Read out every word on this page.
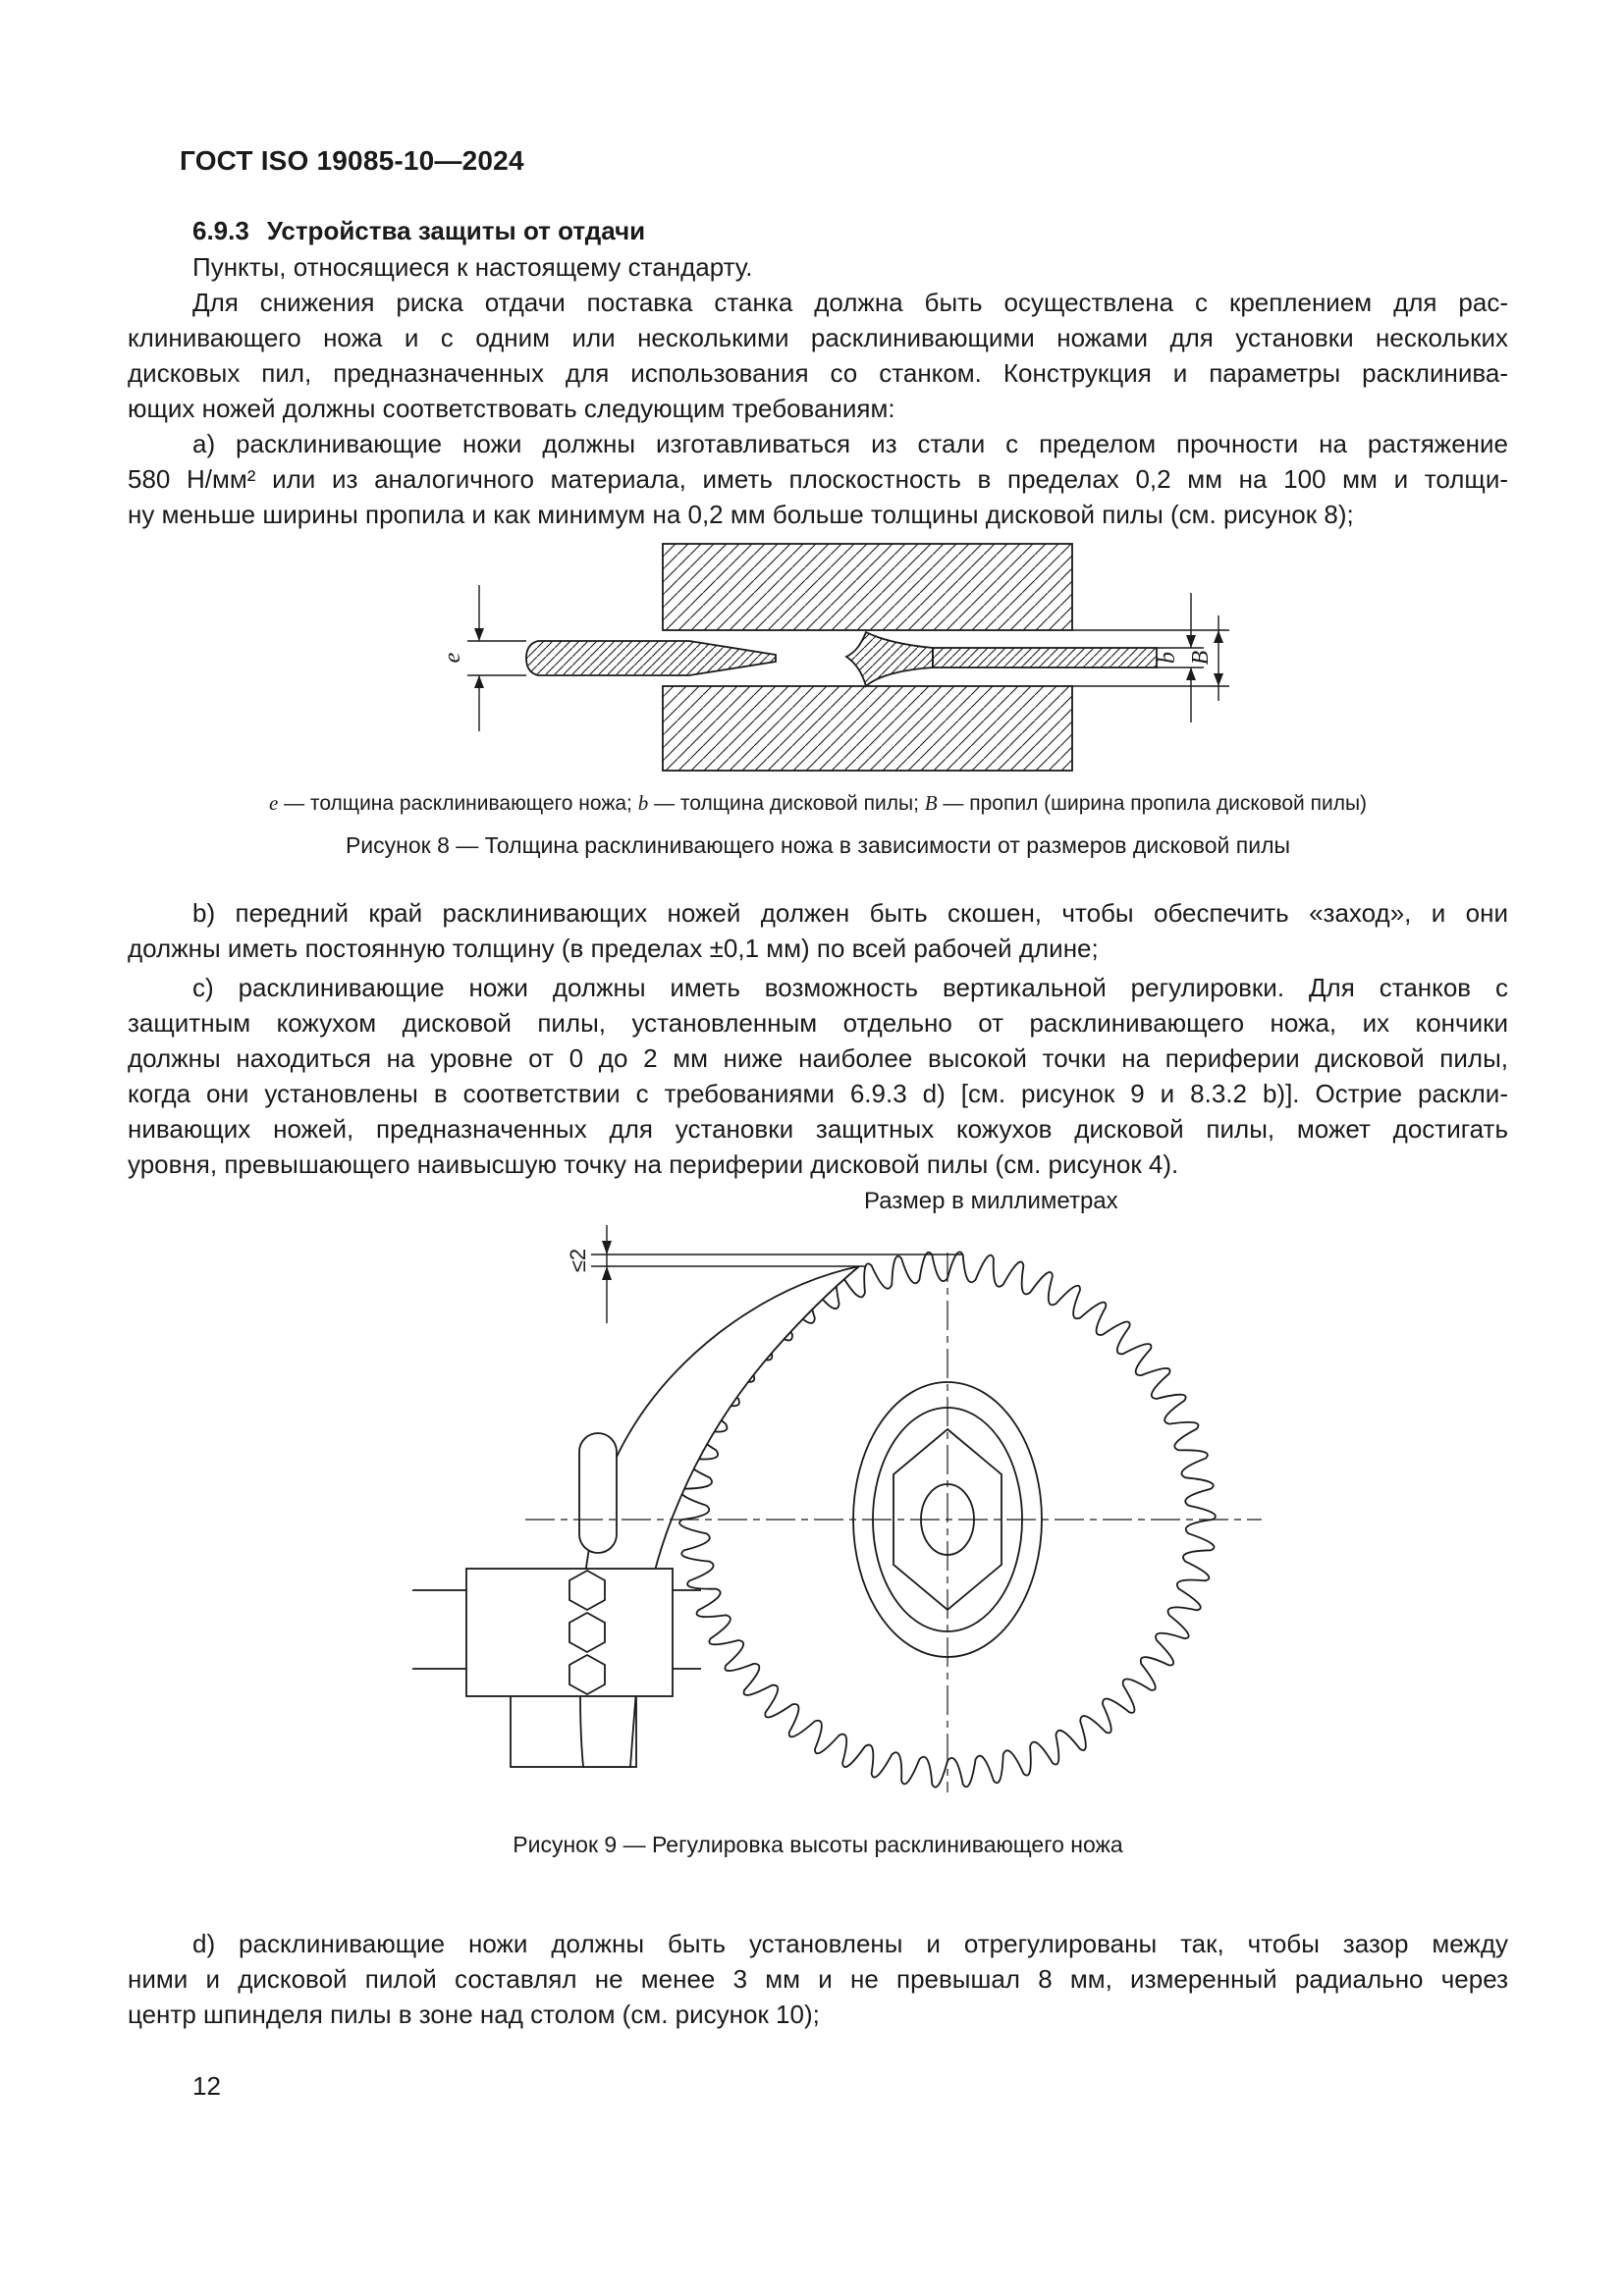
ГОСТ ISO 19085-10—2024
6.9.3 Устройства защиты от отдачи
Пункты, относящиеся к настоящему стандарту.
Для снижения риска отдачи поставка станка должна быть осуществлена с креплением для рас-
клинивающего ножа и с одним или несколькими расклинивающими ножами для установки нескольких
дисковых пил, предназначенных для использования со станком. Конструкция и параметры расклинива-
ющих ножей должны соответствовать следующим требованиям:
a) расклинивающие ножи должны изготавливаться из стали с пределом прочности на растяжение
580 Н/мм² или из аналогичного материала, иметь плоскостность в пределах 0,2 мм на 100 мм и толщи-
ну меньше ширины пропила и как минимум на 0,2 мм больше толщины дисковой пилы (см. рисунок 8);
e	b B
e — толщина расклинивающего ножа; b — толщина дисковой пилы; B — пропил (ширина пропила дисковой пилы)
Рисунок 8 — Толщина расклинивающего ножа в зависимости от размеров дисковой пилы
b) передний край расклинивающих ножей должен быть скошен, чтобы обеспечить «заход», и они
должны иметь постоянную толщину (в пределах ±0,1 мм) по всей рабочей длине;
c) расклинивающие ножи должны иметь возможность вертикальной регулировки. Для станков с
защитным кожухом дисковой пилы, установленным отдельно от расклинивающего ножа, их кончики
должны находиться на уровне от 0 до 2 мм ниже наиболее высокой точки на периферии дисковой пилы,
когда они установлены в соответствии с требованиями 6.9.3 d) [см. рисунок 9 и 8.3.2 b)]. Острие раскли-
нивающих ножей, предназначенных для установки защитных кожухов дисковой пилы, может достигать
уровня, превышающего наивысшую точку на периферии дисковой пилы (см. рисунок 4).
Размер в миллиметрах
≤2
Рисунок 9 — Регулировка высоты расклинивающего ножа
d) расклинивающие ножи должны быть установлены и отрегулированы так, чтобы зазор между
ними и дисковой пилой составлял не менее 3 мм и не превышал 8 мм, измеренный радиально через
центр шпинделя пилы в зоне над столом (см. рисунок 10);
12
